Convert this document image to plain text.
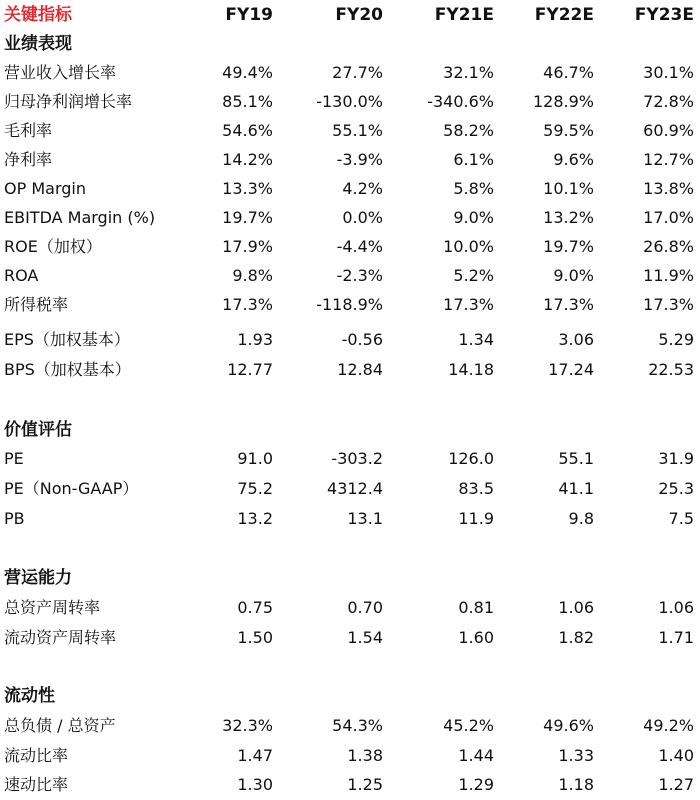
关键指标	FY19	FY20	FY21E FY22E FY23E
业绩表现
营业收入增长率	49.4%	27.7%	32.1%	46.7%	30.1%
归母净利润增长率	85.1%	-130.0%	-340.6% 128.9%	72.8%
毛利率	54.6%	55.1%	58.2%	59.5%	60.9%
净利率	14.2%	-3.9%	6.1%	9.6%	12.7%
OP Margin	13.3%	4.2%	5.8%	10.1%	13.8%
EBITDA Margin (%)	19.7%	0.0%	9.0%	13.2%	17.0%
ROE（加权）	17.9%	-4.4%	10.0%	19.7%	26.8%
ROA	9.8%	-2.3%	5.2%	9.0%	11.9%
所得税率	17.3%	-118.9%	17.3%	17.3%	17.3%
EPS（加权基本）	1.93	-0.56	1.34	3.06	5.29
BPS（加权基本）	12.77	12.84	14.18	17.24	22.53
价值评估
PE	91.0	-303.2	126.0	55.1	31.9
PE（Non-GAAP）	75.2	4312.4	83.5	41.1	25.3
PB	13.2	13.1	11.9	9.8	7.5
营运能力
总资产周转率	0.75	0.70	0.81	1.06	1.06
流动资产周转率	1.50	1.54	1.60	1.82	1.71
流动性
总负债 / 总资产	32.3%	54.3%	45.2%	49.6%	49.2%
流动比率	1.47	1.38	1.44	1.33	1.40
速动比率	1.30	1.25	1.29	1.18	1.27
